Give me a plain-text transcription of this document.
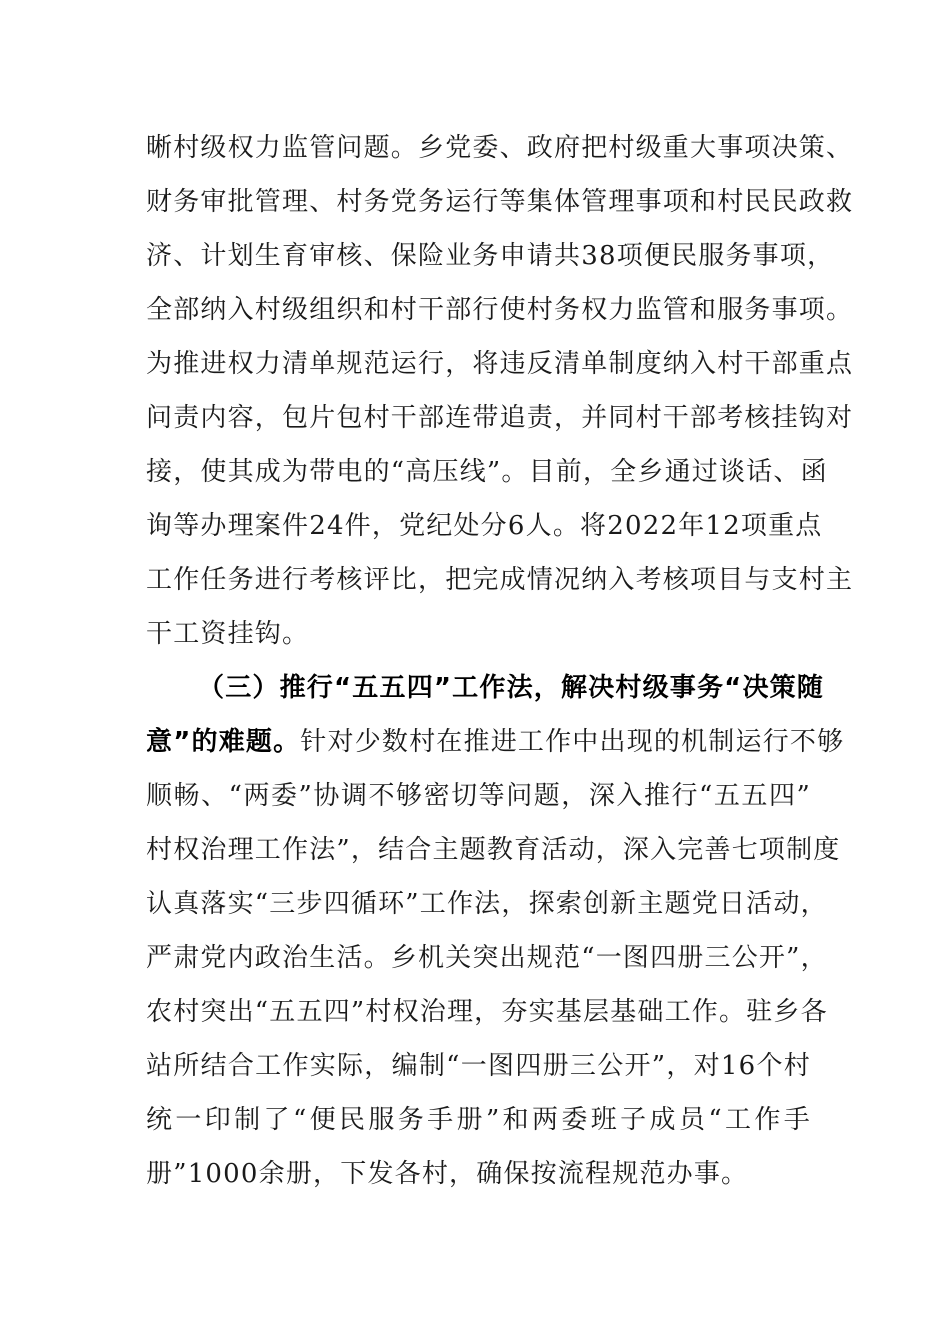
晰村级权力监管问题。乡党委、政府把村级重大事项决策、
财务审批管理、村务党务运行等集体管理事项和村民民政救
济、计划生育审核、保险业务申请共38项便民服务事项，
全部纳入村级组织和村干部行使村务权力监管和服务事项。
为推进权力清单规范运行，将违反清单制度纳入村干部重点
问责内容，包片包村干部连带追责，并同村干部考核挂钩对
接，使其成为带电的“高压线”。目前，全乡通过谈话、函
询等办理案件24件，党纪处分6人。将2022年12项重点
工作任务进行考核评比，把完成情况纳入考核项目与支村主
干工资挂钩。
（三）推行“五五四”工作法，解决村级事务“决策随
意”的难题。针对少数村在推进工作中出现的机制运行不够
顺畅、“两委”协调不够密切等问题，深入推行“五五四”
村权治理工作法”，结合主题教育活动，深入完善七项制度
认真落实“三步四循环”工作法，探索创新主题党日活动，
严肃党内政治生活。乡机关突出规范“一图四册三公开”，
农村突出“五五四”村权治理，夯实基层基础工作。驻乡各
站所结合工作实际，编制“一图四册三公开”，对16个村
统一印制了“便民服务手册”和两委班子成员“工作手
册”1000余册，下发各村，确保按流程规范办事。
